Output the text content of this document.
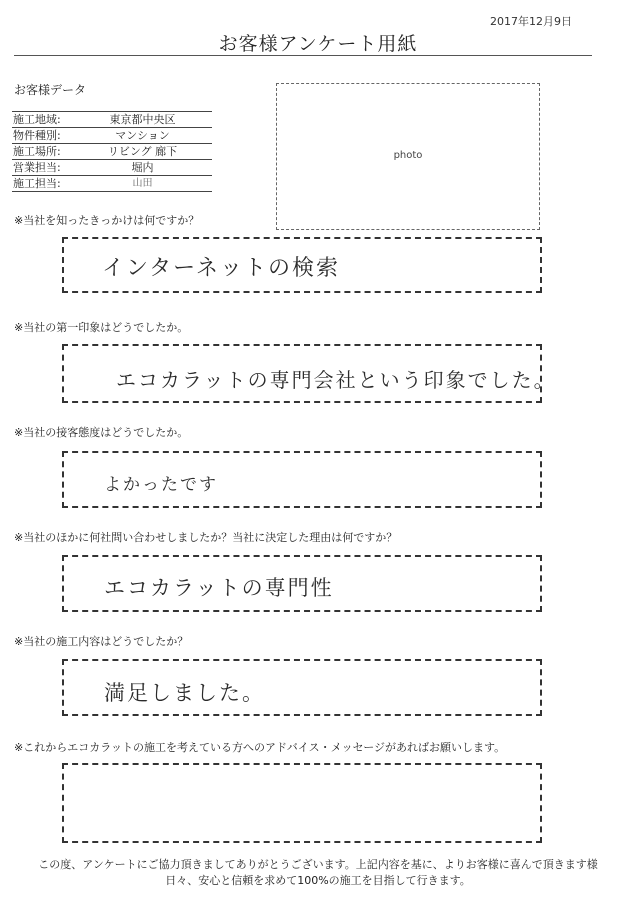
2017年12月9日
お客様アンケート用紙
お客様データ
施工地域:	東京都中央区
物件種別:	マンション
施工場所:	リビング 廊下
営業担当:	堀内
施工担当:	山田
photo
※当社を知ったきっかけは何ですか？
インターネットの検索
※当社の第一印象はどうでしたか。
エコカラットの専門会社という印象でした。
※当社の接客態度はどうでしたか。
よかったです
※当社のほかに何社問い合わせしましたか？当社に決定した理由は何ですか？
エコカラットの専門性
※当社の施工内容はどうでしたか？
満足しました。
※これからエコカラットの施工を考えている方へのアドバイス・メッセージがあればお願いします。
この度、アンケートにご協力頂きましてありがとうございます。上記内容を基に、よりお客様に喜んで頂きます様
日々、安心と信頼を求めて100%の施工を目指して行きます。
